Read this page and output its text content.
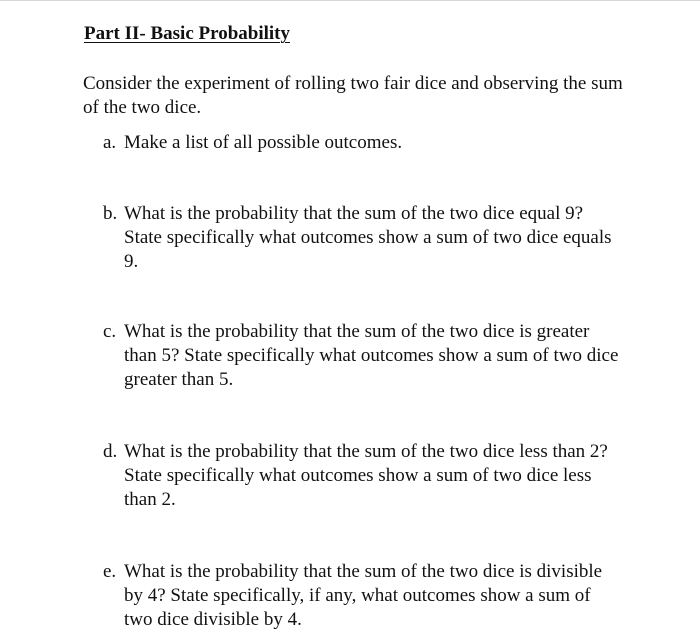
Part II- Basic Probability

Consider the experiment of rolling two fair dice and observing the sum of the two dice.

a. Make a list of all possible outcomes.
b. What is the probability that the sum of the two dice equal 9? State specifically what outcomes show a sum of two dice equals 9.
c. What is the probability that the sum of the two dice is greater than 5? State specifically what outcomes show a sum of two dice greater than 5.
d. What is the probability that the sum of the two dice less than 2? State specifically what outcomes show a sum of two dice less than 2.
e. What is the probability that the sum of the two dice is divisible by 4? State specifically, if any, what outcomes show a sum of two dice divisible by 4.
